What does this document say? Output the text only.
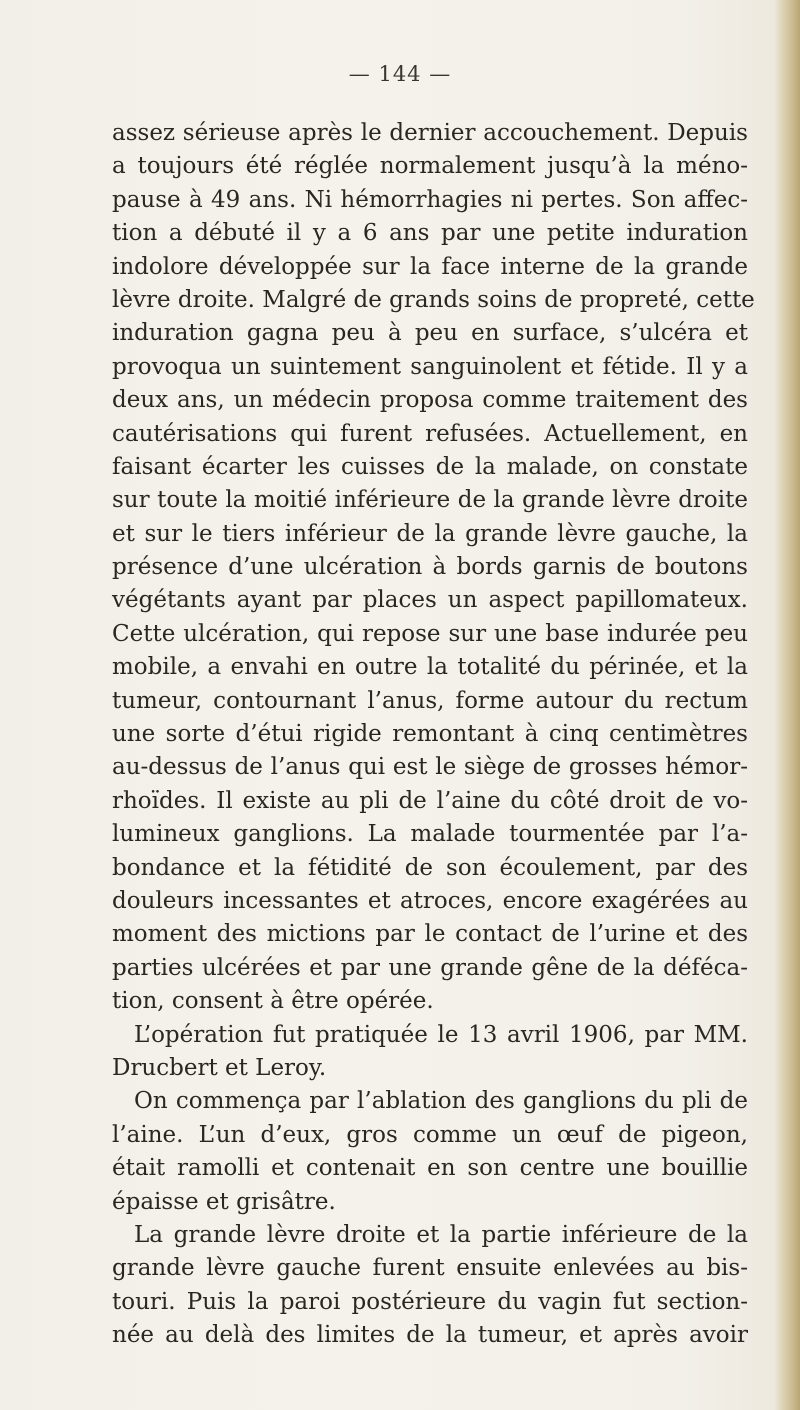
— 144 —
assez sérieuse après le dernier accouchement. Depuis
a toujours été réglée normalement jusqu’à la méno-
pause à 49 ans. Ni hémorrhagies ni pertes. Son affec-
tion a débuté il y a 6 ans par une petite induration
indolore développée sur la face interne de la grande
lèvre droite. Malgré de grands soins de propreté, cette
induration gagna peu à peu en surface, s’ulcéra et
provoqua un suintement sanguinolent et fétide. Il y a
deux ans, un médecin proposa comme traitement des
cautérisations qui furent refusées. Actuellement, en
faisant écarter les cuisses de la malade, on constate
sur toute la moitié inférieure de la grande lèvre droite
et sur le tiers inférieur de la grande lèvre gauche, la
présence d’une ulcération à bords garnis de boutons
végétants ayant par places un aspect papillomateux.
Cette ulcération, qui repose sur une base indurée peu
mobile, a envahi en outre la totalité du périnée, et la
tumeur, contournant l’anus, forme autour du rectum
une sorte d’étui rigide remontant à cinq centimètres
au-dessus de l’anus qui est le siège de grosses hémor-
rhoïdes. Il existe au pli de l’aine du côté droit de vo-
lumineux ganglions. La malade tourmentée par l’a-
bondance et la fétidité de son écoulement, par des
douleurs incessantes et atroces, encore exagérées au
moment des mictions par le contact de l’urine et des
parties ulcérées et par une grande gêne de la déféca-
tion, consent à être opérée.
L’opération fut pratiquée le 13 avril 1906, par MM.
Drucbert et Leroy.
On commença par l’ablation des ganglions du pli de
l’aine. L’un d’eux, gros comme un œuf de pigeon,
était ramolli et contenait en son centre une bouillie
épaisse et grisâtre.
La grande lèvre droite et la partie inférieure de la
grande lèvre gauche furent ensuite enlevées au bis-
touri. Puis la paroi postérieure du vagin fut section-
née au delà des limites de la tumeur, et après avoir
